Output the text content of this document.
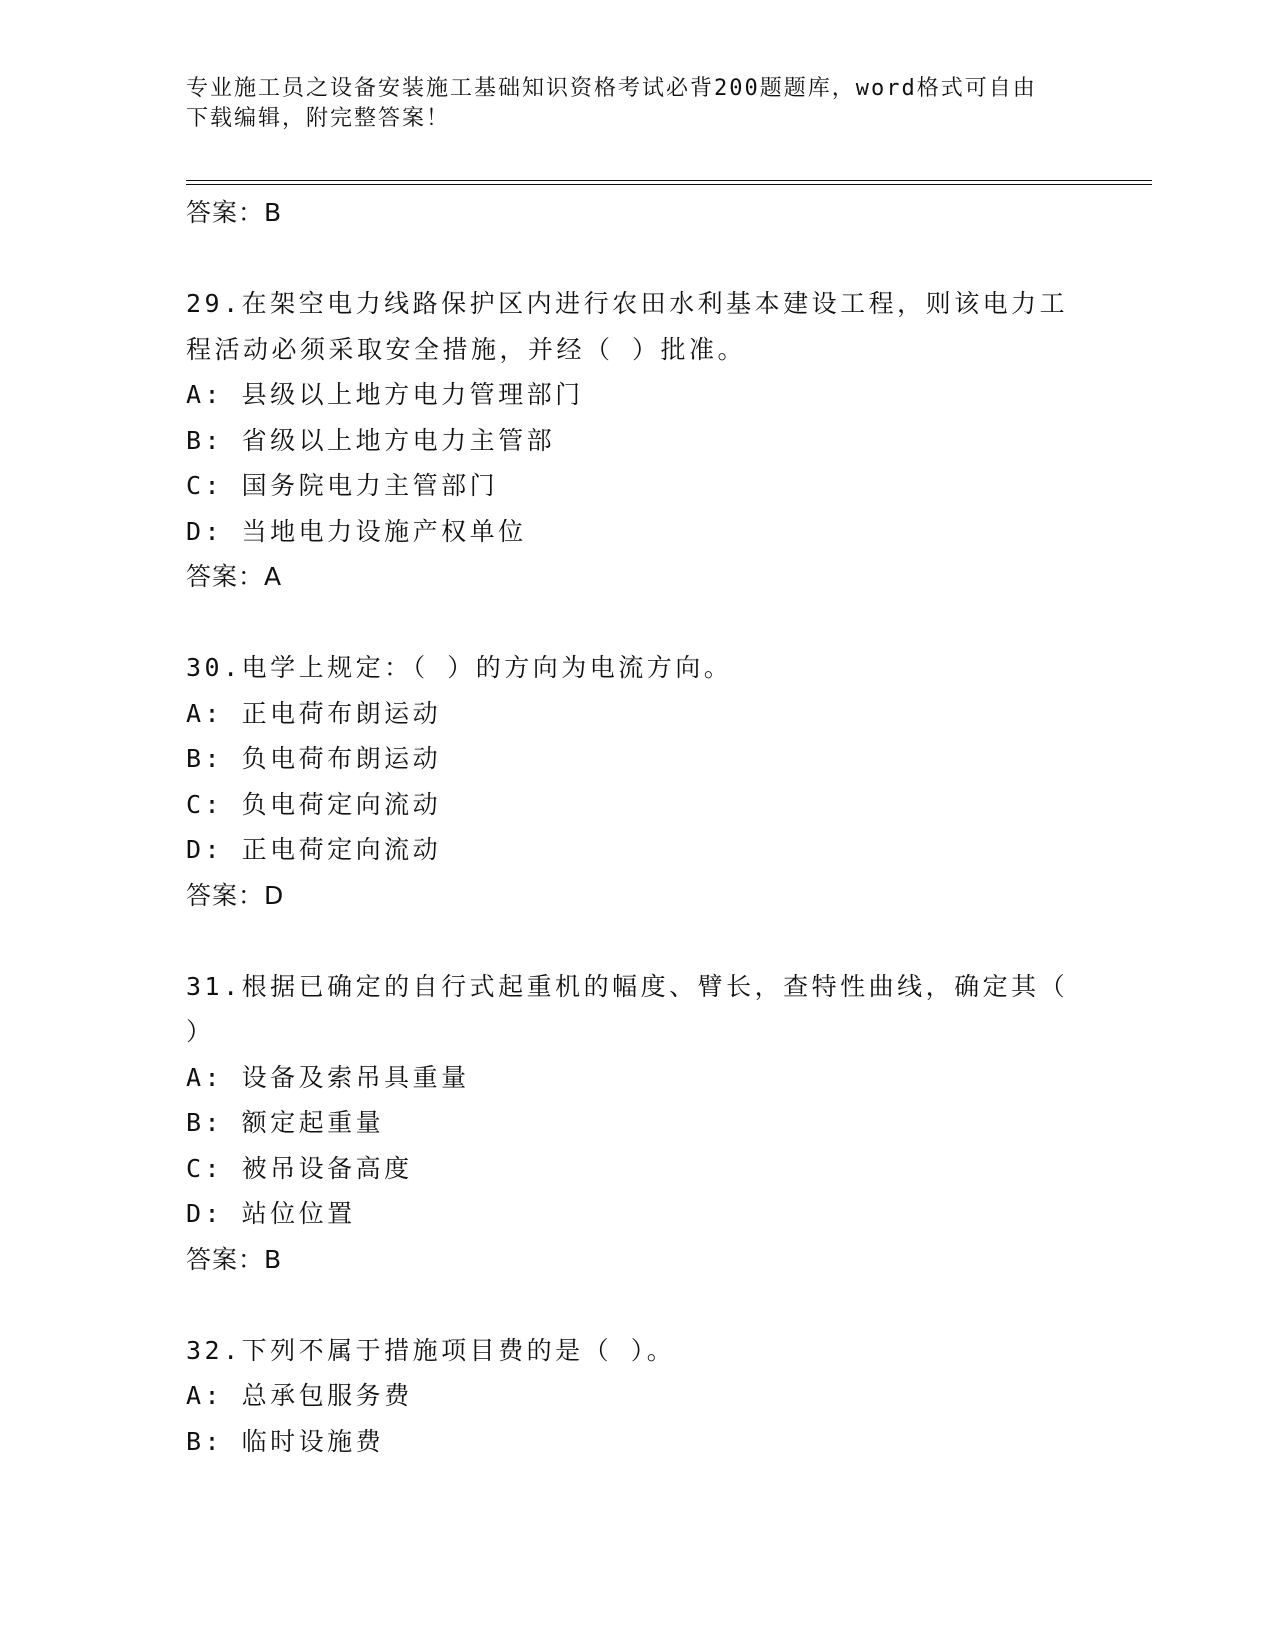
专业施工员之设备安装施工基础知识资格考试必背200题题库，word格式可自由
下载编辑，附完整答案！
答案：B
29.在架空电力线路保护区内进行农田水利基本建设工程，则该电力工
程活动必须采取安全措施，并经（ ）批准。
A: 县级以上地方电力管理部门
B: 省级以上地方电力主管部
C: 国务院电力主管部门
D: 当地电力设施产权单位
答案：A
30.电学上规定：（ ）的方向为电流方向。
A: 正电荷布朗运动
B: 负电荷布朗运动
C: 负电荷定向流动
D: 正电荷定向流动
答案：D
31.根据已确定的自行式起重机的幅度、臂长，查特性曲线，确定其（
）
A: 设备及索吊具重量
B: 额定起重量
C: 被吊设备高度
D: 站位位置
答案：B
32.下列不属于措施项目费的是（ ）。
A: 总承包服务费
B: 临时设施费
